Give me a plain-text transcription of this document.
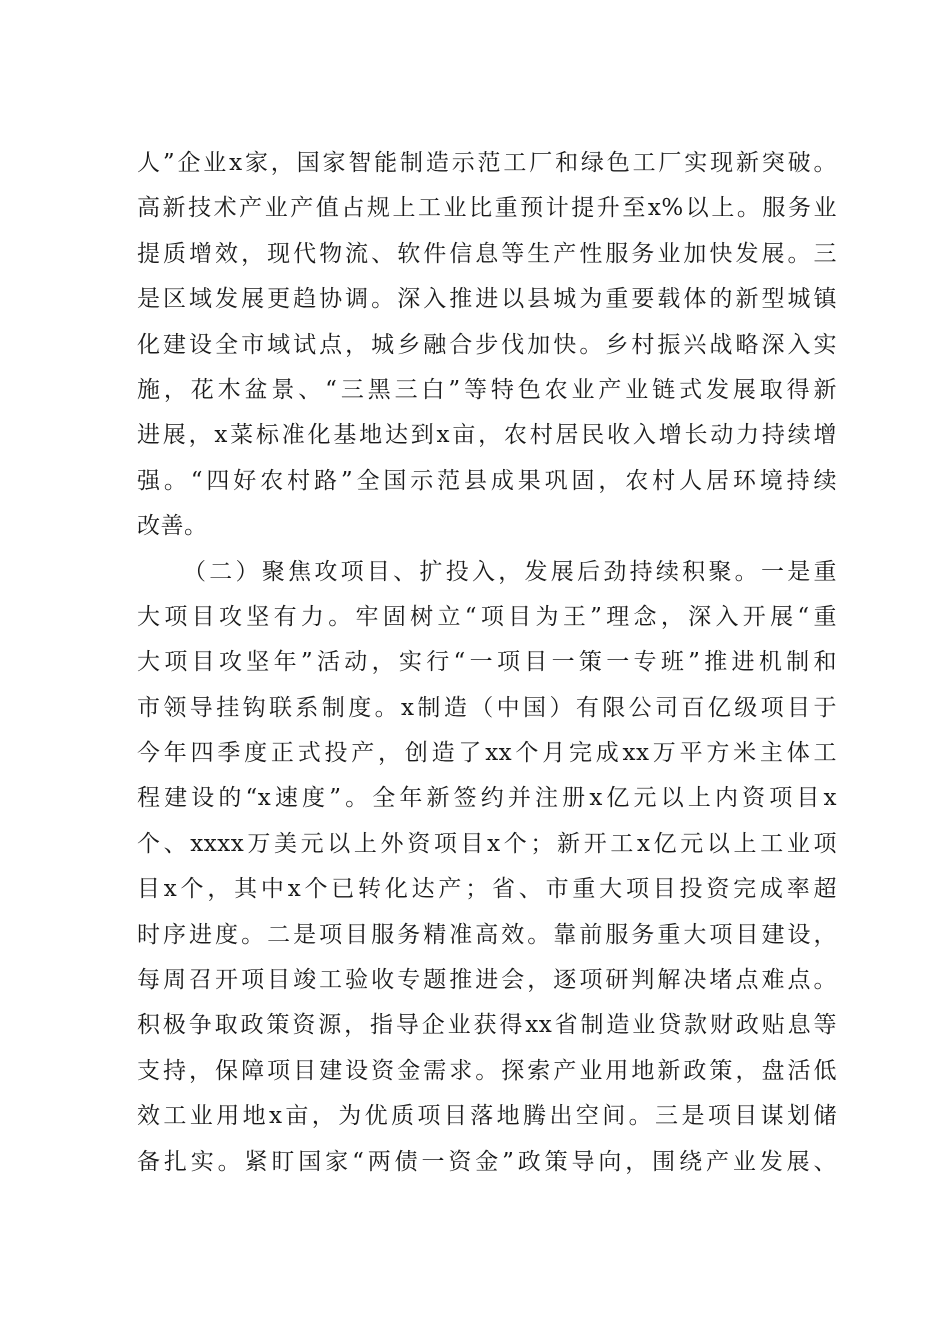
人”企业x家，国家智能制造示范工厂和绿色工厂实现新突破。
高新技术产业产值占规上工业比重预计提升至x%以上。服务业
提质增效，现代物流、软件信息等生产性服务业加快发展。三
是区域发展更趋协调。深入推进以县城为重要载体的新型城镇
化建设全市域试点，城乡融合步伐加快。乡村振兴战略深入实
施，花木盆景、“三黑三白”等特色农业产业链式发展取得新
进展，x菜标准化基地达到x亩，农村居民收入增长动力持续增
强。“四好农村路”全国示范县成果巩固，农村人居环境持续
改善。
（二）聚焦攻项目、扩投入，发展后劲持续积聚。一是重
大项目攻坚有力。牢固树立“项目为王”理念，深入开展“重
大项目攻坚年”活动，实行“一项目一策一专班”推进机制和
市领导挂钩联系制度。x制造（中国）有限公司百亿级项目于
今年四季度正式投产，创造了xx个月完成xx万平方米主体工
程建设的“x速度”。全年新签约并注册x亿元以上内资项目x
个、xxxx万美元以上外资项目x个；新开工x亿元以上工业项
目x个，其中x个已转化达产；省、市重大项目投资完成率超
时序进度。二是项目服务精准高效。靠前服务重大项目建设，
每周召开项目竣工验收专题推进会，逐项研判解决堵点难点。
积极争取政策资源，指导企业获得xx省制造业贷款财政贴息等
支持，保障项目建设资金需求。探索产业用地新政策，盘活低
效工业用地x亩，为优质项目落地腾出空间。三是项目谋划储
备扎实。紧盯国家“两债一资金”政策导向，围绕产业发展、
